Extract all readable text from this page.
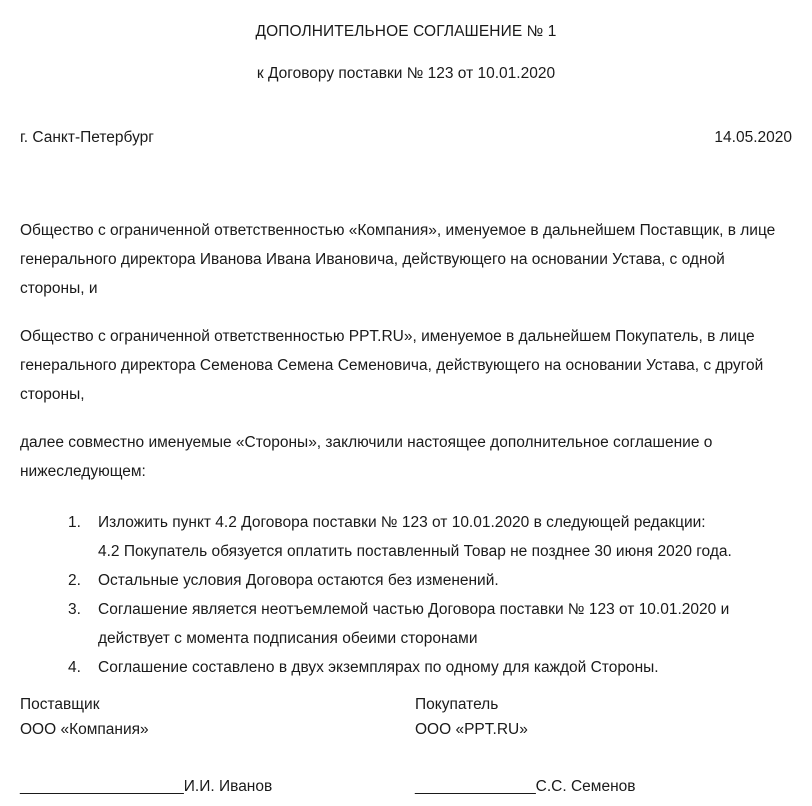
ДОПОЛНИТЕЛЬНОЕ СОГЛАШЕНИЕ № 1
к Договору поставки № 123 от 10.01.2020
г. Санкт-Петербург	14.05.2020

Общество с ограниченной ответственностью «Компания», именуемое в дальнейшем Поставщик, в лице генерального директора Иванова Ивана Ивановича, действующего на основании Устава, с одной стороны, и

Общество с ограниченной ответственностью PPT.RU», именуемое в дальнейшем Покупатель, в лице генерального директора Семенова Семена Семеновича, действующего на основании Устава, с другой стороны,

далее совместно именуемые «Стороны», заключили настоящее дополнительное соглашение о нижеследующем:

1.	Изложить пункт 4.2 Договора поставки № 123 от 10.01.2020 в следующей редакции:
4.2 Покупатель обязуется оплатить поставленный Товар не позднее 30 июня 2020 года.
2.	Остальные условия Договора остаются без изменений.
3.	Соглашение является неотъемлемой частью Договора поставки № 123 от 10.01.2020 и действует с момента подписания обеими сторонами
4.	Соглашение составлено в двух экземплярах по одному для каждой Стороны.
Поставщик
ООО «Компания»
___________________И.И. Иванов
Покупатель
ООО «PPT.RU»
______________С.С. Семенов
